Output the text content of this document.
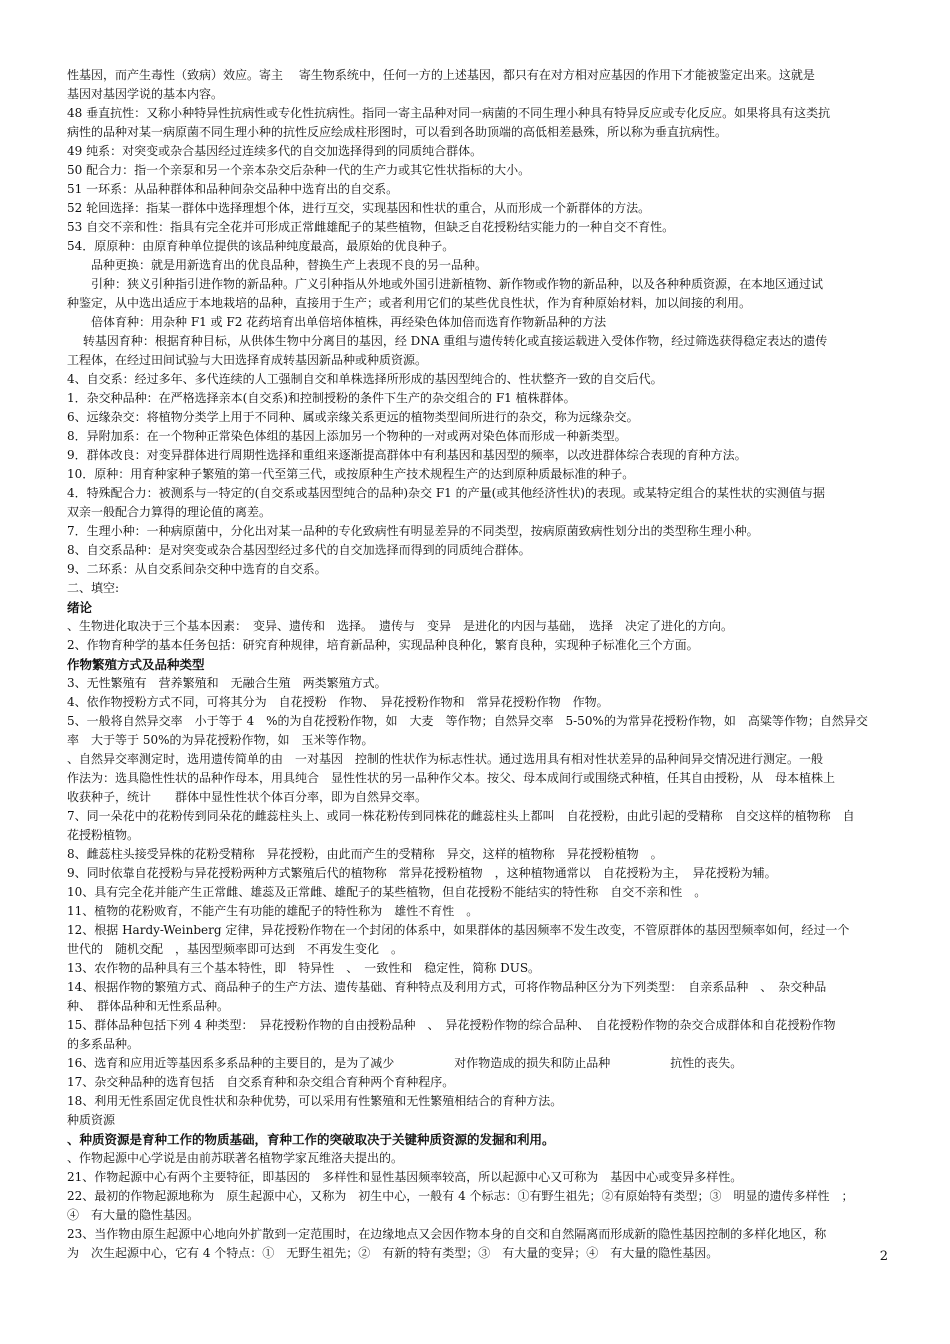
性基因，而产生毒性（致病）效应。寄主　 寄生物系统中，任何一方的上述基因，都只有在对方相对应基因的作用下才能被鉴定出来。这就是
基因对基因学说的基本内容。
48 垂直抗性：又称小种特异性抗病性或专化性抗病性。指同一寄主品种对同一病菌的不同生理小种具有特异反应或专化反应。如果将具有这类抗
病性的品种对某一病原菌不同生理小种的抗性反应绘成柱形图时，可以看到各助顶端的高低相差悬殊，所以称为垂直抗病性。
49 纯系：对突变或杂合基因经过连续多代的自交加选择得到的同质纯合群体。
50 配合力：指一个亲泵和另一个亲本杂交后杂种一代的生产力或其它性状指标的大小。
51 一环系：从品种群体和品种间杂交品种中选育出的自交系。
52 轮回选择：指某一群体中选择理想个体，进行互交，实现基因和性状的重合，从而形成一个新群体的方法。
53 自交不亲和性：指具有完全花并可形成正常雌雄配子的某些植物，但缺乏自花授粉结实能力的一种自交不育性。
54．原原种：由原育种单位提供的该品种纯度最高，最原始的优良种子。
　　品种更换：就是用新选育出的优良品种，替换生产上表现不良的另一品种。
　　引种：狭义引种指引进作物的新品种。广义引种指从外地或外国引进新植物、新作物或作物的新品种，以及各种种质资源，在本地区通过试
种鉴定，从中选出适应于本地栽培的品种，直接用于生产；或者利用它们的某些优良性状，作为育种原始材料，加以间接的利用。
　　倍体育种：用杂种 F1 或 F2 花药培育出单倍培体植株，再经染色体加倍而选育作物新品种的方法
　 转基因育种：根据育种目标，从供体生物中分离目的基因，经 DNA 重组与遗传转化或直接运载进入受体作物，经过筛选获得稳定表达的遗传
工程体，在经过田间试验与大田选择育成转基因新品种或种质资源。
4、自交系：经过多年、多代连续的人工强制自交和单株选择所形成的基因型纯合的、性状整齐一致的自交后代。
1．杂交种品种：在严格选择亲本(自交系)和控制授粉的条件下生产的杂交组合的 F1 植株群体。
6、远缘杂交：将植物分类学上用于不同种、属或亲缘关系更远的植物类型间所进行的杂交，称为远缘杂交。
8．异附加系：在一个物种正常染色体组的基因上添加另一个物种的一对或两对染色体而形成一种新类型。
9．群体改良：对变异群体进行周期性选择和重组来逐渐提高群体中有利基因和基因型的频率，以改进群体综合表现的育种方法。
10．原种：用育种家种子繁殖的第一代至第三代，或按原种生产技术规程生产的达到原种质最标准的种子。
4．特殊配合力：被测系与一特定的(自交系或基因型纯合的品种)杂交 F1 的产量(或其他经济性状)的表现。或某特定组合的某性状的实测值与据
双亲一般配合力算得的理论值的离差。
7．生理小种：一种病原菌中，分化出对某一品种的专化致病性有明显差异的不同类型，按病原菌致病性划分出的类型称生理小种。
8、自交系品种：是对突变或杂合基因型经过多代的自交加选择而得到的同质纯合群体。
9、二环系：从自交系间杂交种中选育的自交系。
二、填空:
绪论
、生物进化取决于三个基本因素：　变异、遗传和　选择。　遗传与　变异　是进化的内因与基础，　选择　决定了进化的方向。
2、作物育种学的基本任务包括：研究育种规律，培育新品种，实现品种良种化，繁育良种，实现种子标准化三个方面。
作物繁殖方式及品种类型
3、无性繁殖有　营养繁殖和　无融合生殖　两类繁殖方式。
4、依作物授粉方式不同，可将其分为　自花授粉　作物、　异花授粉作物和　常异花授粉作物　作物。
5、一般将自然异交率　小于等于 4　%的为自花授粉作物，如　大麦　等作物；自然异交率　5-50%的为常异花授粉作物，如　高粱等作物；自然异交
率　大于等于 50%的为异花授粉作物，如　玉米等作物。
、自然异交率测定时，选用遗传简单的由　一对基因　控制的性状作为标志性状。通过选用具有相对性状差异的品种间异交情况进行测定。一般
作法为：选具隐性性状的品种作母本，用具纯合　显性性状的另一品种作父本。按父、母本成间行或围绕式种植，任其自由授粉，从　母本植株上
收获种子，统计　　群体中显性性状个体百分率，即为自然异交率。
7、同一朵花中的花粉传到同朵花的雌蕊柱头上、或同一株花粉传到同株花的雌蕊柱头上都叫　自花授粉，由此引起的受精称　自交这样的植物称　自
花授粉植物。
8、雌蕊柱头接受异株的花粉受精称　异花授粉，由此而产生的受精称　异交，这样的植物称　异花授粉植物　。
9、同时依靠自花授粉与异花授粉两种方式繁殖后代的植物称　常异花授粉植物　，这种植物通常以　自花授粉为主，　异花授粉为辅。
10、具有完全花并能产生正常雌、雄蕊及正常雌、雄配子的某些植物，但自花授粉不能结实的特性称　自交不亲和性　。
11、植物的花粉败育，不能产生有功能的雄配子的特性称为　雄性不育性　。
12、根据 Hardy-Weinberg 定律，异花授粉作物在一个封闭的体系中，如果群体的基因频率不发生改变，不管原群体的基因型频率如何，经过一个
世代的　随机交配　，基因型频率即可达到　不再发生变化　。
13、农作物的品种具有三个基本特性，即　特异性　、　一致性和　稳定性，简称 DUS。
14、根据作物的繁殖方式、商品种子的生产方法、遗传基础、育种特点及利用方式，可将作物品种区分为下列类型：　自亲系品种　、　杂交种品
种、　群体品种和无性系品种。
15、群体品种包括下列 4 种类型：　异花授粉作物的自由授粉品种　、　异花授粉作物的综合品种、　自花授粉作物的杂交合成群体和自花授粉作物
的多系品种。
16、选育和应用近等基因系多系品种的主要目的，是为了减少　　　　　对作物造成的损失和防止品种　　　　　抗性的丧失。
17、杂交种品种的选育包括　自交系育种和杂交组合育种两个育种程序。
18、利用无性系固定优良性状和杂种优势，可以采用有性繁殖和无性繁殖相结合的育种方法。
种质资源
、种质资源是育种工作的物质基础，育种工作的突破取决于关键种质资源的发掘和利用。
、作物起源中心学说是由前苏联著名植物学家瓦维洛夫提出的。
21、作物起源中心有两个主要特征，即基因的　多样性和显性基因频率较高，所以起源中心又可称为　基因中心或变异多样性。
22、最初的作物起源地称为　原生起源中心，又称为　初生中心，一般有 4 个标志：①有野生祖先；②有原始特有类型；③　明显的遗传多样性　；
④　有大量的隐性基因。
23、当作物由原生起源中心地向外扩散到一定范围时，在边缘地点又会因作物本身的自交和自然隔离而形成新的隐性基因控制的多样化地区，称
为　次生起源中心，它有 4 个特点：①　无野生祖先；②　有新的特有类型；③　有大量的变异；④　有大量的隐性基因。	2
